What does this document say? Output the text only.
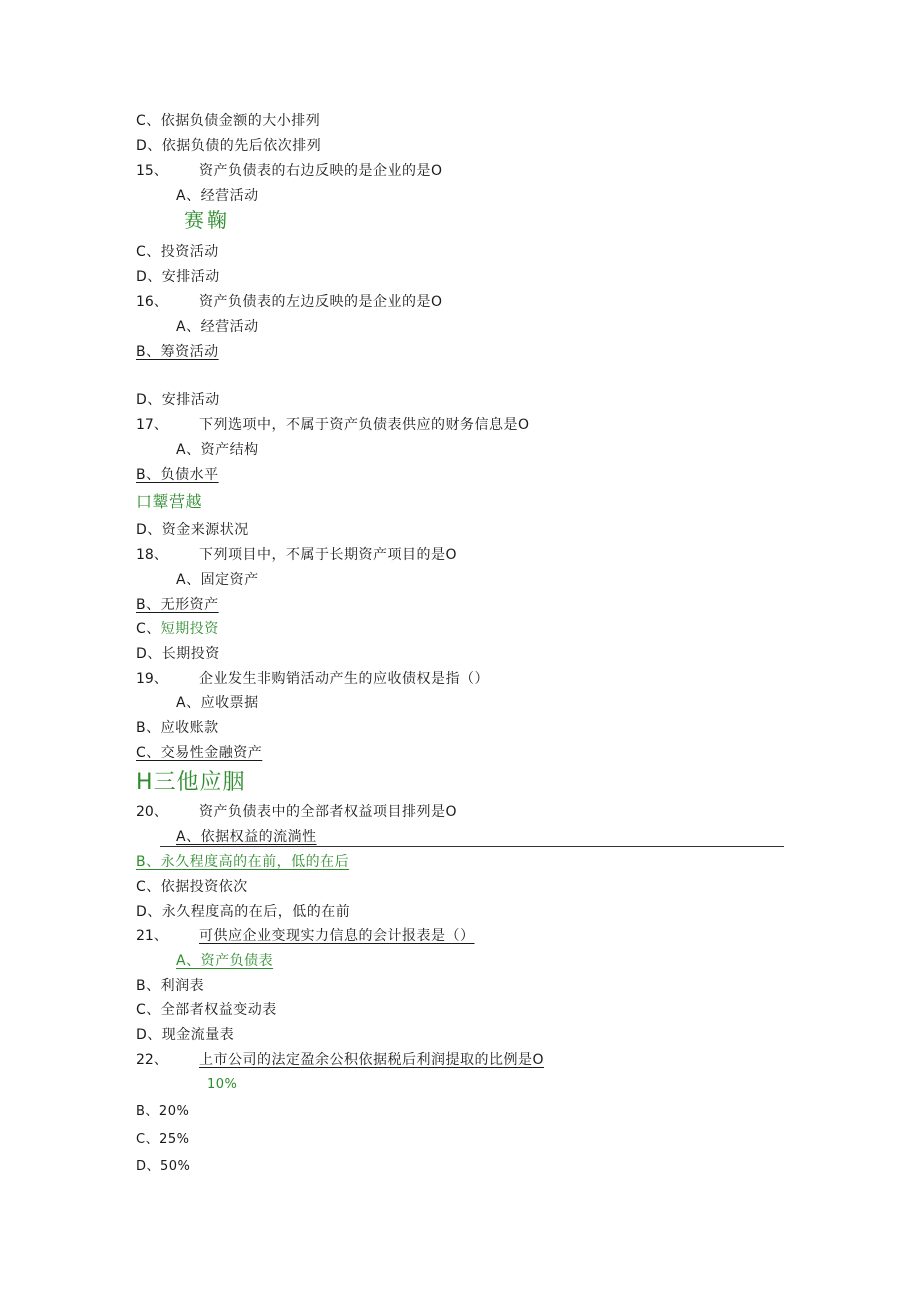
C、依据负债金额的大小排列
D、依据负债的先后依次排列
15、 资产负债表的右边反映的是企业的是O
A、经营活动
赛鞠
C、投资活动
D、安排活动
16、 资产负债表的左边反映的是企业的是O
A、经营活动
B、筹资活动
D、安排活动
17、 下列选项中，不属于资产负债表供应的财务信息是O
A、资产结构
B、负债水平
口颦营越
D、资金来源状况
18、 下列项目中，不属于长期资产项目的是O
A、固定资产
B、无形资产
C、短期投资
D、长期投资
19、 企业发生非购销活动产生的应收债权是指（）
A、应收票据
B、应收账款
C、交易性金融资产
H三他应胭
20、 资产负债表中的全部者权益项目排列是O
A、依据权益的流淌性
B、永久程度高的在前，低的在后
C、依据投资依次
D、永久程度高的在后，低的在前
21、 可供应企业变现实力信息的会计报表是（）
A、资产负债表
B、利润表
C、全部者权益变动表
D、现金流量表
22、 上市公司的法定盈余公积依据税后利润提取的比例是O
10%
B、20%
C、25%
D、50%
